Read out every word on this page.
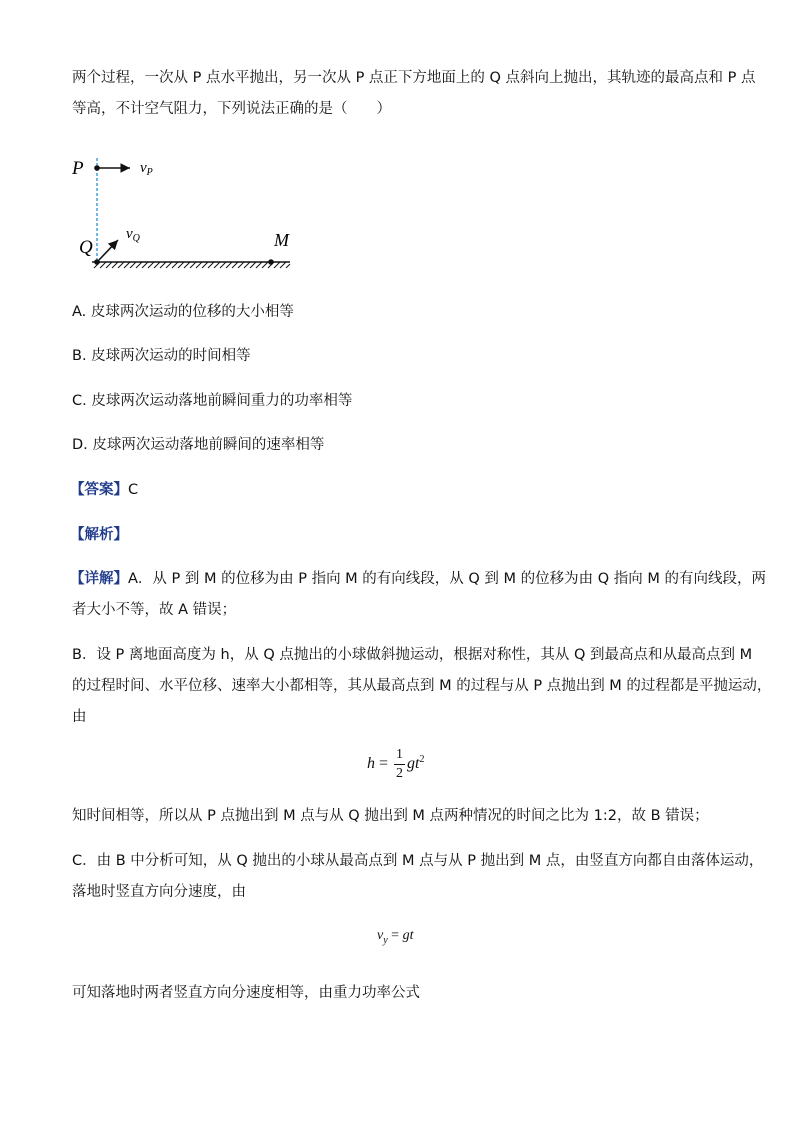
两个过程，一次从 P 点水平抛出，另一次从 P 点正下方地面上的 Q 点斜向上抛出，其轨迹的最高点和 P 点
等高，不计空气阻力，下列说法正确的是（　　）
P	$v_P$
Q
$v_Q$	M
A. 皮球两次运动的位移的大小相等
B. 皮球两次运动的时间相等
C. 皮球两次运动落地前瞬间重力的功率相等
D. 皮球两次运动落地前瞬间的速率相等
【答案】C
【解析】
【详解】A．从 P 到 M 的位移为由 P 指向 M 的有向线段，从 Q 到 M 的位移为由 Q 指向 M 的有向线段，两
者大小不等，故 A 错误；
B．设 P 离地面高度为 h，从 Q 点抛出的小球做斜抛运动，根据对称性，其从 Q 到最高点和从最高点到 M
的过程时间、水平位移、速率大小都相等，其从最高点到 M 的过程与从 P 点抛出到 M 的过程都是平抛运动，
由
$h = \frac{1}{2} gt^2$
知时间相等，所以从 P 点抛出到 M 点与从 Q 抛出到 M 点两种情况的时间之比为 1:2，故 B 错误；
C．由 B 中分析可知，从 Q 抛出的小球从最高点到 M 点与从 P 抛出到 M 点，由竖直方向都自由落体运动，
落地时竖直方向分速度，由
$v_y$ = gt
可知落地时两者竖直方向分速度相等，由重力功率公式
